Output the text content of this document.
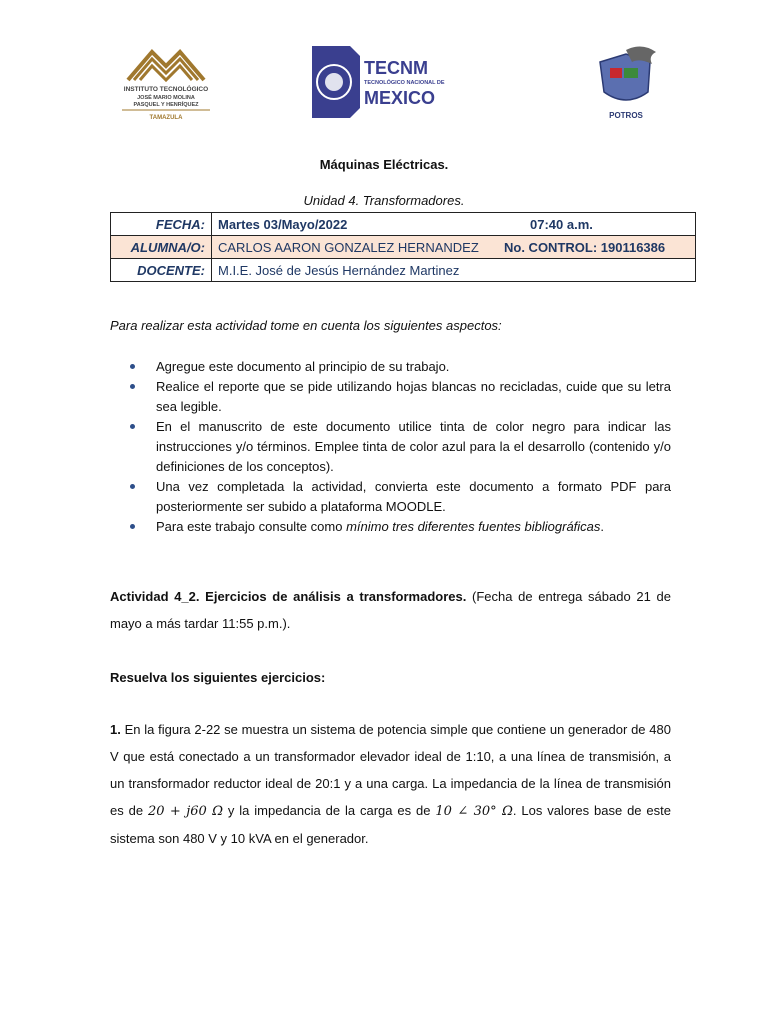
INSTITUTO TECNOLÓGICO
JOSÉ MARIO MOLINA
PASQUEL Y HENRÍQUEZ
TAMAZULA
TECNM
TECNOLÓGICO NACIONAL DE
MEXICO
POTROS
Máquinas Eléctricas.
Unidad 4. Transformadores.
FECHA:	Martes 03/Mayo/2022 07:40 a.m.

ALUMNA/O:	CARLOS AARON GONZALEZ HERNANDEZ No. CONTROL: 190116386

DOCENTE:	M.I.E. José de Jesús Hernández Martinez
Para realizar esta actividad tome en cuenta los siguientes aspectos:
Agregue este documento al principio de su trabajo.
Realice el reporte que se pide utilizando hojas blancas no recicladas, cuide que su letra sea legible.
En el manuscrito de este documento utilice tinta de color negro para indicar las instrucciones y/o términos. Emplee tinta de color azul para la el desarrollo (contenido y/o definiciones de los conceptos).
Una vez completada la actividad, convierta este documento a formato PDF para posteriormente ser subido a plataforma MOODLE.
Para este trabajo consulte como mínimo tres diferentes fuentes bibliográficas.
Actividad 4_2. Ejercicios de análisis a transformadores. (Fecha de entrega sábado 21 de mayo a más tardar 11:55 p.m.).
Resuelva los siguientes ejercicios:
1. En la figura 2-22 se muestra un sistema de potencia simple que contiene un generador de 480 V que está conectado a un transformador elevador ideal de 1:10, a una línea de transmisión, a un transformador reductor ideal de 20:1 y a una carga. La impedancia de la línea de transmisión es de 20 + j60 Ω y la impedancia de la carga es de 10 ∠ 30° Ω. Los valores base de este sistema son 480 V y 10 kVA en el generador.
